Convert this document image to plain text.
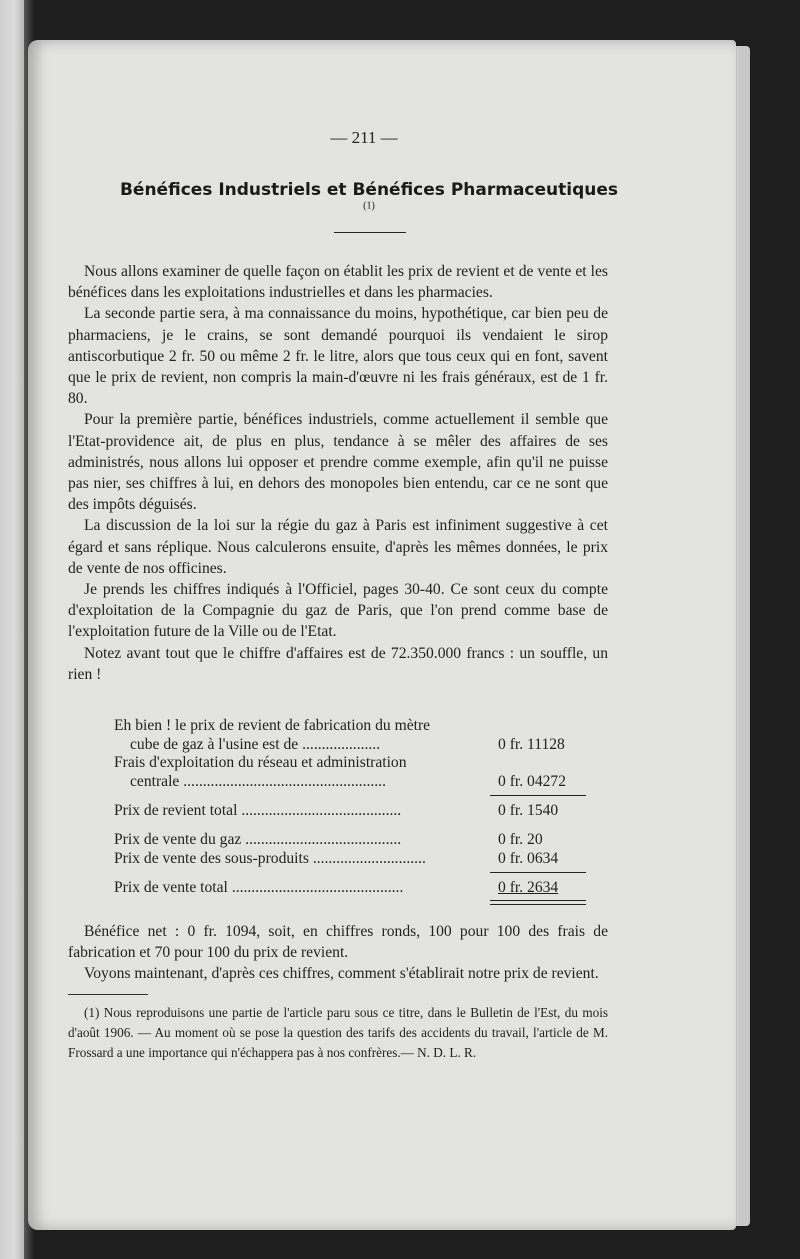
— 211 —
Bénéfices Industriels et Bénéfices Pharmaceutiques $^{(1)}$

Nous allons examiner de quelle façon on établit les prix de revient et de vente et les bénéfices dans les exploitations industrielles et dans les pharmacies.

La seconde partie sera, à ma connaissance du moins, hypothétique, car bien peu de pharmaciens, je le crains, se sont demandé pourquoi ils vendaient le sirop antiscorbutique 2 fr. 50 ou même 2 fr. le litre, alors que tous ceux qui en font, savent que le prix de revient, non compris la main-d'œuvre ni les frais généraux, est de 1 fr. 80.

Pour la première partie, bénéfices industriels, comme actuellement il semble que l'Etat-providence ait, de plus en plus, tendance à se mêler des affaires de ses administrés, nous allons lui opposer et prendre comme exemple, afin qu'il ne puisse pas nier, ses chiffres à lui, en dehors des monopoles bien entendu, car ce ne sont que des impôts déguisés.

La discussion de la loi sur la régie du gaz à Paris est infiniment suggestive à cet égard et sans réplique. Nous calculerons ensuite, d'après les mêmes données, le prix de vente de nos officines.

Je prends les chiffres indiqués à l'Officiel, pages 30-40. Ce sont ceux du compte d'exploitation de la Compagnie du gaz de Paris, que l'on prend comme base de l'exploitation future de la Ville ou de l'Etat.

Notez avant tout que le chiffre d'affaires est de 72.350.000 francs : un souffle, un rien !

Eh bien ! le prix de revient de fabrication du mètre
cube de gaz à l'usine est de ....................	0 fr. 11128
Frais d'exploitation du réseau et administration
centrale ....................................................	0 fr. 04272
Prix de revient total .........................................	0 fr. 1540
Prix de vente du gaz ........................................	0 fr. 20
Prix de vente des sous-produits .............................	0 fr. 0634
Prix de vente total ............................................	0 fr. 2634

Bénéfice net : 0 fr. 1094, soit, en chiffres ronds, 100 pour 100 des frais de fabrication et 70 pour 100 du prix de revient.

Voyons maintenant, d'après ces chiffres, comment s'établirait notre prix de revient.

(1) Nous reproduisons une partie de l'article paru sous ce titre, dans le Bulletin de l'Est, du mois d'août 1906. — Au moment où se pose la question des tarifs des accidents du travail, l'article de M. Frossard a une importance qui n'échappera pas à nos confrères.— N. D. L. R.
